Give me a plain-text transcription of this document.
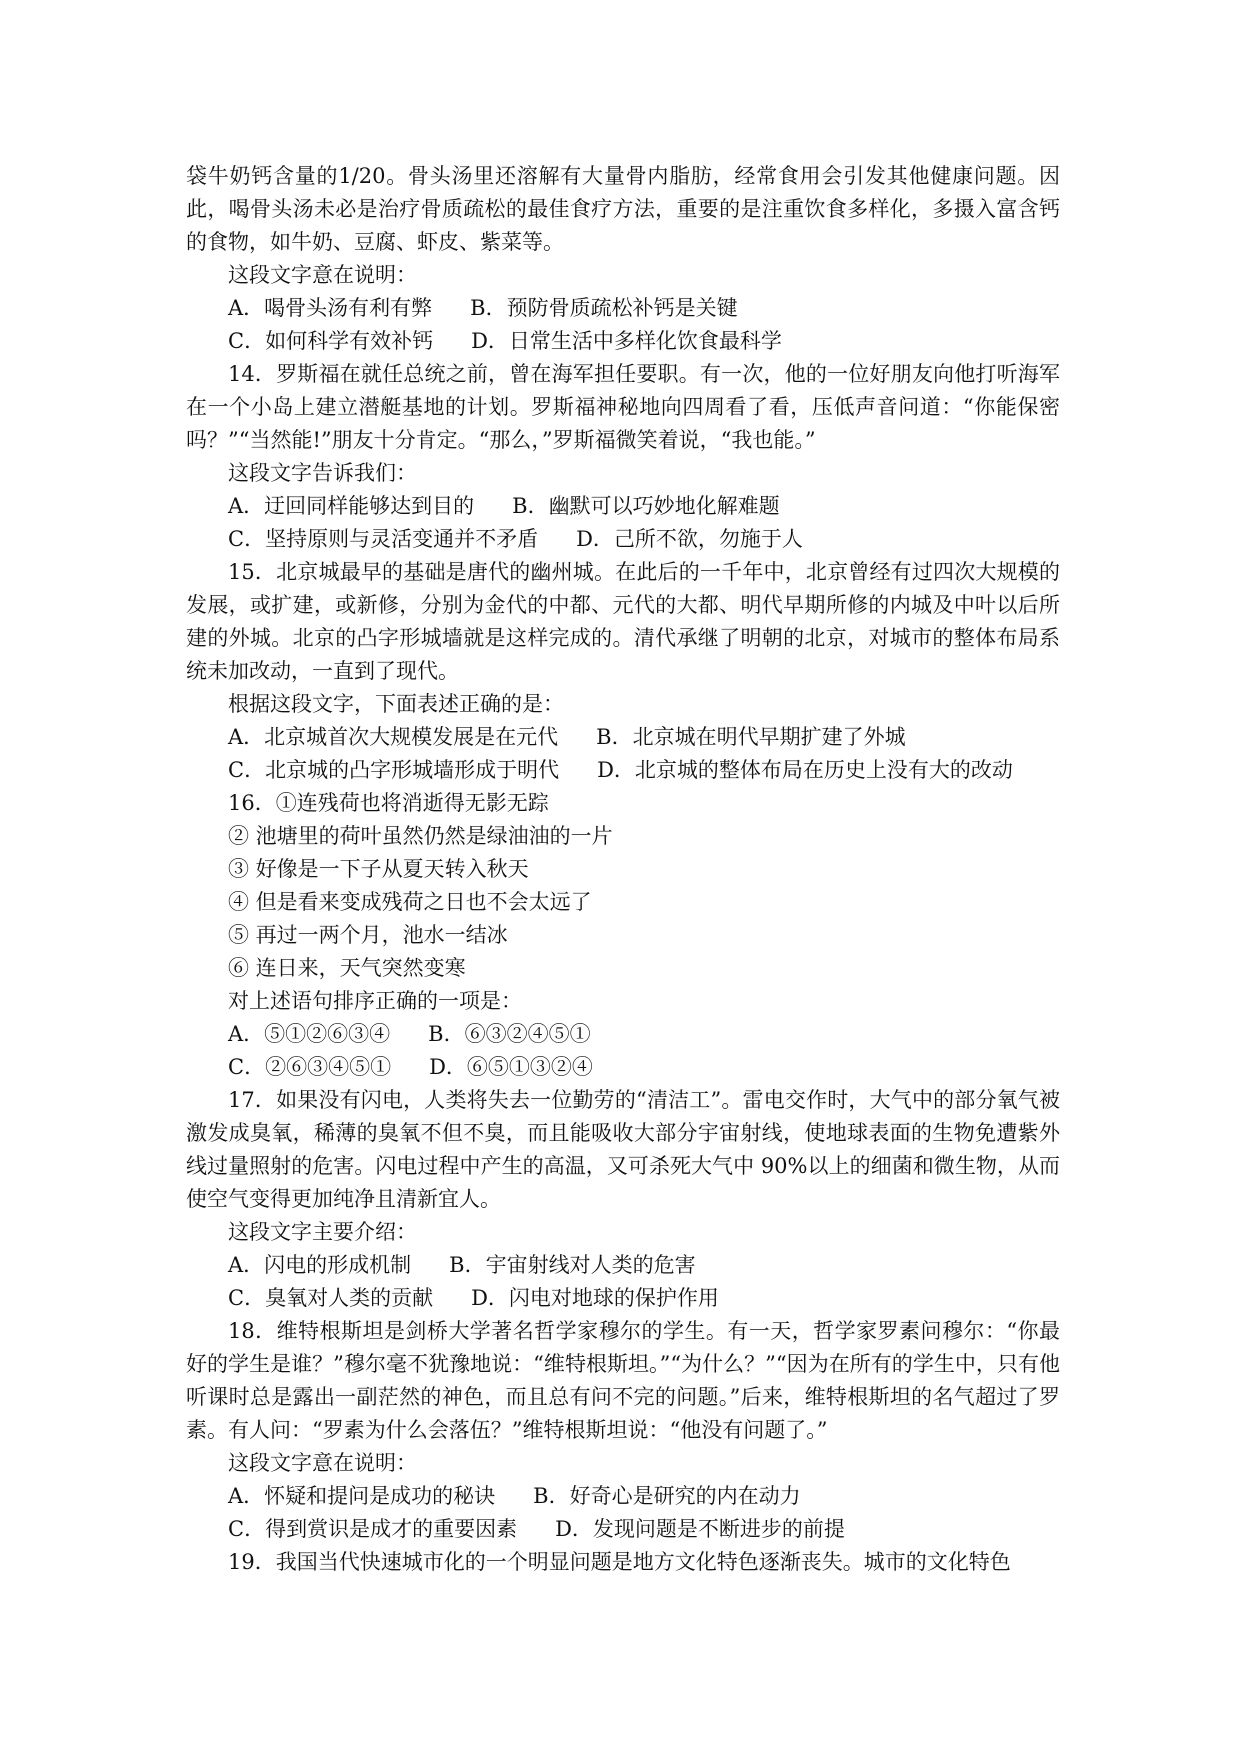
袋牛奶钙含量的1/20。骨头汤里还溶解有大量骨内脂肪，经常食用会引发其他健康问题。因此，喝骨头汤未必是治疗骨质疏松的最佳食疗方法，重要的是注重饮食多样化，多摄入富含钙的食物，如牛奶、豆腐、虾皮、紫菜等。

这段文字意在说明：

A．喝骨头汤有利有弊 B．预防骨质疏松补钙是关键

C．如何科学有效补钙 D．日常生活中多样化饮食最科学

14．罗斯福在就任总统之前，曾在海军担任要职。有一次，他的一位好朋友向他打听海军在一个小岛上建立潜艇基地的计划。罗斯福神秘地向四周看了看，压低声音问道：“你能保密吗？”“当然能!”朋友十分肯定。“那么，”罗斯福微笑着说，“我也能。”

这段文字告诉我们：

A．迂回同样能够达到目的 B．幽默可以巧妙地化解难题

C．坚持原则与灵活变通并不矛盾 D．己所不欲，勿施于人

15．北京城最早的基础是唐代的幽州城。在此后的一千年中，北京曾经有过四次大规模的发展，或扩建，或新修，分别为金代的中都、元代的大都、明代早期所修的内城及中叶以后所建的外城。北京的凸字形城墙就是这样完成的。清代承继了明朝的北京，对城市的整体布局系统未加改动，一直到了现代。

根据这段文字，下面表述正确的是：

A．北京城首次大规模发展是在元代 B．北京城在明代早期扩建了外城

C．北京城的凸字形城墙形成于明代 D．北京城的整体布局在历史上没有大的改动

16．①连残荷也将消逝得无影无踪

② 池塘里的荷叶虽然仍然是绿油油的一片

③ 好像是一下子从夏天转入秋天

④ 但是看来变成残荷之日也不会太远了

⑤ 再过一两个月，池水一结冰

⑥ 连日来，天气突然变寒

对上述语句排序正确的一项是：

A．⑤①②⑥③④ B．⑥③②④⑤①

C．②⑥③④⑤① D．⑥⑤①③②④

17．如果没有闪电，人类将失去一位勤劳的“清洁工”。雷电交作时，大气中的部分氧气被激发成臭氧，稀薄的臭氧不但不臭，而且能吸收大部分宇宙射线，使地球表面的生物免遭紫外线过量照射的危害。闪电过程中产生的高温，又可杀死大气中 90%以上的细菌和微生物，从而使空气变得更加纯净且清新宜人。

这段文字主要介绍：

A．闪电的形成机制 B．宇宙射线对人类的危害

C．臭氧对人类的贡献 D．闪电对地球的保护作用

18．维特根斯坦是剑桥大学著名哲学家穆尔的学生。有一天，哲学家罗素问穆尔：“你最好的学生是谁？”穆尔毫不犹豫地说：“维特根斯坦。”“为什么？”“因为在所有的学生中，只有他听课时总是露出一副茫然的神色，而且总有问不完的问题。”后来，维特根斯坦的名气超过了罗素。有人问：“罗素为什么会落伍？”维特根斯坦说：“他没有问题了。”

这段文字意在说明：

A．怀疑和提问是成功的秘诀 B．好奇心是研究的内在动力

C．得到赏识是成才的重要因素 D．发现问题是不断进步的前提

19．我国当代快速城市化的一个明显问题是地方文化特色逐渐丧失。城市的文化特色
